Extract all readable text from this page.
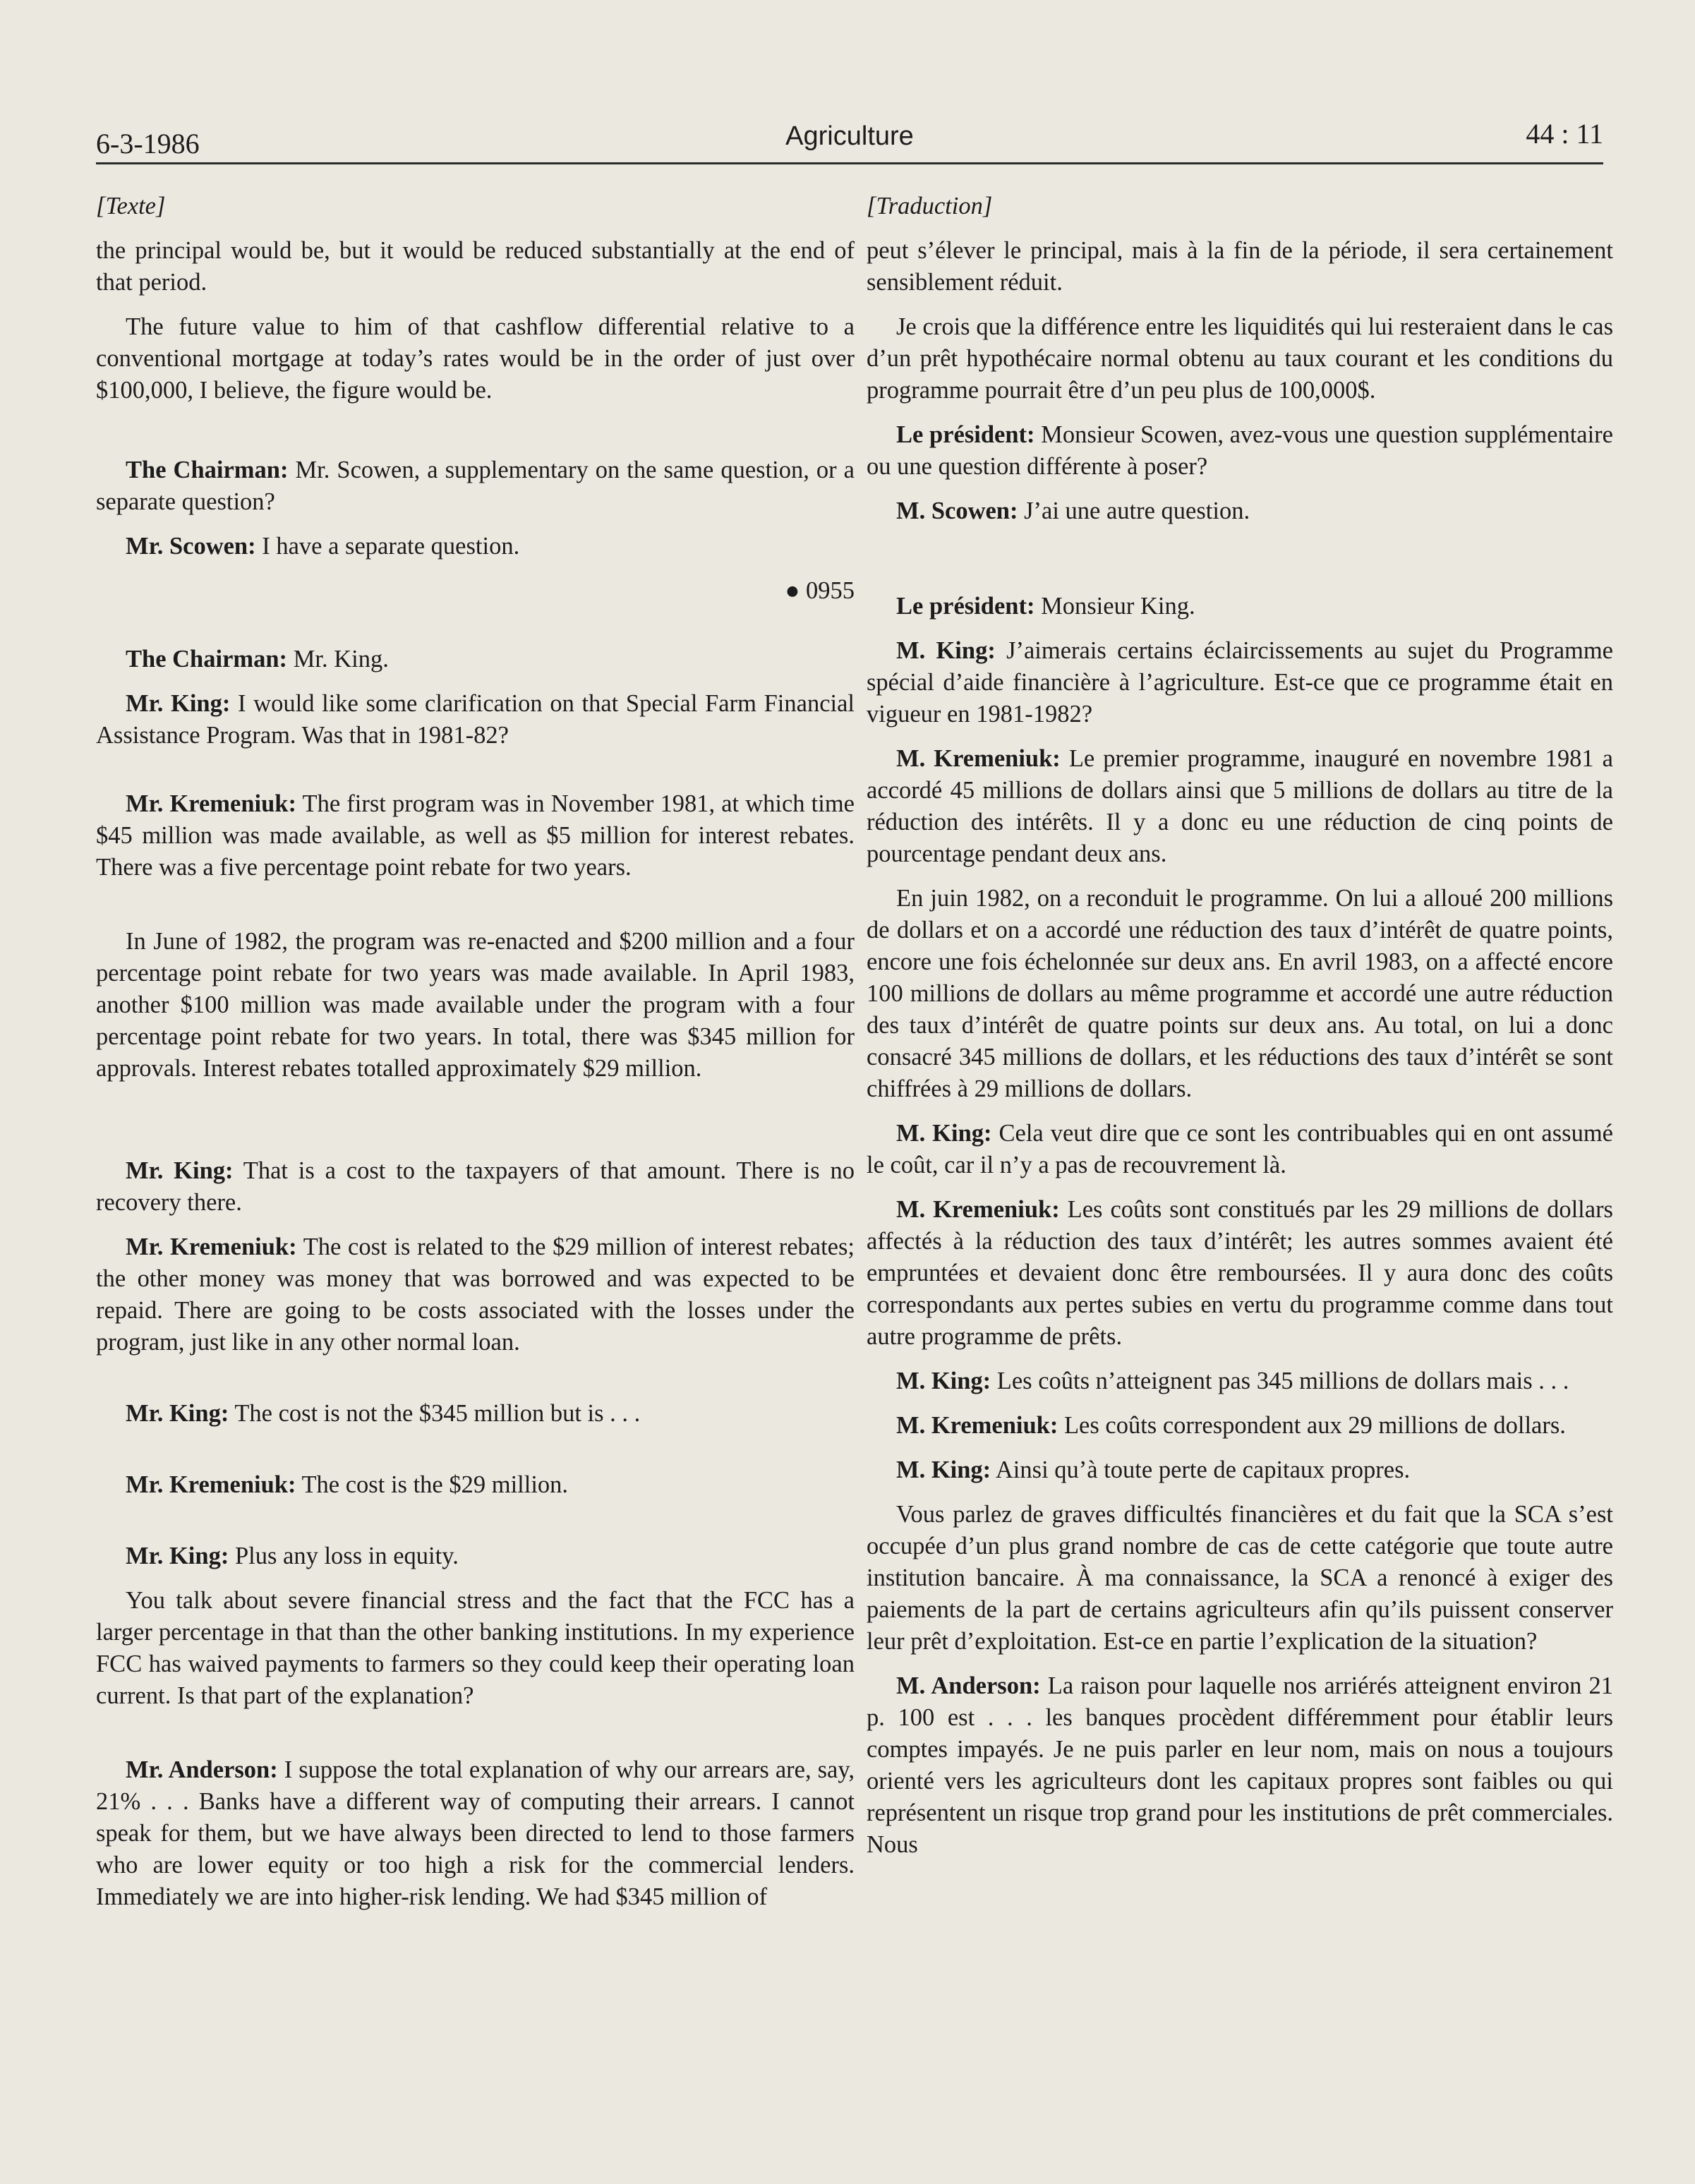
6-3-1986	Agriculture	44 : 11

[Texte]

the principal would be, but it would be reduced substantially at the end of that period.

The future value to him of that cashflow differential relative to a conventional mortgage at today’s rates would be in the order of just over $100,000, I believe, the figure would be.

The Chairman: Mr. Scowen, a supplementary on the same question, or a separate question?

Mr. Scowen: I have a separate question.

● 0955

The Chairman: Mr. King.

Mr. King: I would like some clarification on that Special Farm Financial Assistance Program. Was that in 1981-82?

Mr. Kremeniuk: The first program was in November 1981, at which time $45 million was made available, as well as $5 million for interest rebates. There was a five percentage point rebate for two years.

In June of 1982, the program was re-enacted and $200 million and a four percentage point rebate for two years was made available. In April 1983, another $100 million was made available under the program with a four percentage point rebate for two years. In total, there was $345 million for approvals. Interest rebates totalled approximately $29 million.

Mr. King: That is a cost to the taxpayers of that amount. There is no recovery there.

Mr. Kremeniuk: The cost is related to the $29 million of interest rebates; the other money was money that was borrowed and was expected to be repaid. There are going to be costs associated with the losses under the program, just like in any other normal loan.

Mr. King: The cost is not the $345 million but is . . .

Mr. Kremeniuk: The cost is the $29 million.

Mr. King: Plus any loss in equity.

You talk about severe financial stress and the fact that the FCC has a larger percentage in that than the other banking institutions. In my experience FCC has waived payments to farmers so they could keep their operating loan current. Is that part of the explanation?

Mr. Anderson: I suppose the total explanation of why our arrears are, say, 21% . . . Banks have a different way of computing their arrears. I cannot speak for them, but we have always been directed to lend to those farmers who are lower equity or too high a risk for the commercial lenders. Immediately we are into higher-risk lending. We had $345 million of

[Traduction]

peut s’élever le principal, mais à la fin de la période, il sera certainement sensiblement réduit.

Je crois que la différence entre les liquidités qui lui resteraient dans le cas d’un prêt hypothécaire normal obtenu au taux courant et les conditions du programme pourrait être d’un peu plus de 100,000$.

Le président: Monsieur Scowen, avez-vous une question supplémentaire ou une question différente à poser?

M. Scowen: J’ai une autre question.

Le président: Monsieur King.

M. King: J’aimerais certains éclaircissements au sujet du Programme spécial d’aide financière à l’agriculture. Est-ce que ce programme était en vigueur en 1981-1982?

M. Kremeniuk: Le premier programme, inauguré en novembre 1981 a accordé 45 millions de dollars ainsi que 5 millions de dollars au titre de la réduction des intérêts. Il y a donc eu une réduction de cinq points de pourcentage pendant deux ans.

En juin 1982, on a reconduit le programme. On lui a alloué 200 millions de dollars et on a accordé une réduction des taux d’intérêt de quatre points, encore une fois échelonnée sur deux ans. En avril 1983, on a affecté encore 100 millions de dollars au même programme et accordé une autre réduction des taux d’intérêt de quatre points sur deux ans. Au total, on lui a donc consacré 345 millions de dollars, et les réductions des taux d’intérêt se sont chiffrées à 29 millions de dollars.

M. King: Cela veut dire que ce sont les contribuables qui en ont assumé le coût, car il n’y a pas de recouvrement là.

M. Kremeniuk: Les coûts sont constitués par les 29 millions de dollars affectés à la réduction des taux d’intérêt; les autres sommes avaient été empruntées et devaient donc être remboursées. Il y aura donc des coûts correspondants aux pertes subies en vertu du programme comme dans tout autre programme de prêts.

M. King: Les coûts n’atteignent pas 345 millions de dollars mais . . .

M. Kremeniuk: Les coûts correspondent aux 29 millions de dollars.

M. King: Ainsi qu’à toute perte de capitaux propres.

Vous parlez de graves difficultés financières et du fait que la SCA s’est occupée d’un plus grand nombre de cas de cette catégorie que toute autre institution bancaire. À ma connaissance, la SCA a renoncé à exiger des paiements de la part de certains agriculteurs afin qu’ils puissent conserver leur prêt d’exploitation. Est-ce en partie l’explication de la situation?

M. Anderson: La raison pour laquelle nos arriérés atteignent environ 21 p. 100 est . . . les banques procèdent différemment pour établir leurs comptes impayés. Je ne puis parler en leur nom, mais on nous a toujours orienté vers les agriculteurs dont les capitaux propres sont faibles ou qui représentent un risque trop grand pour les institutions de prêt commerciales. Nous
